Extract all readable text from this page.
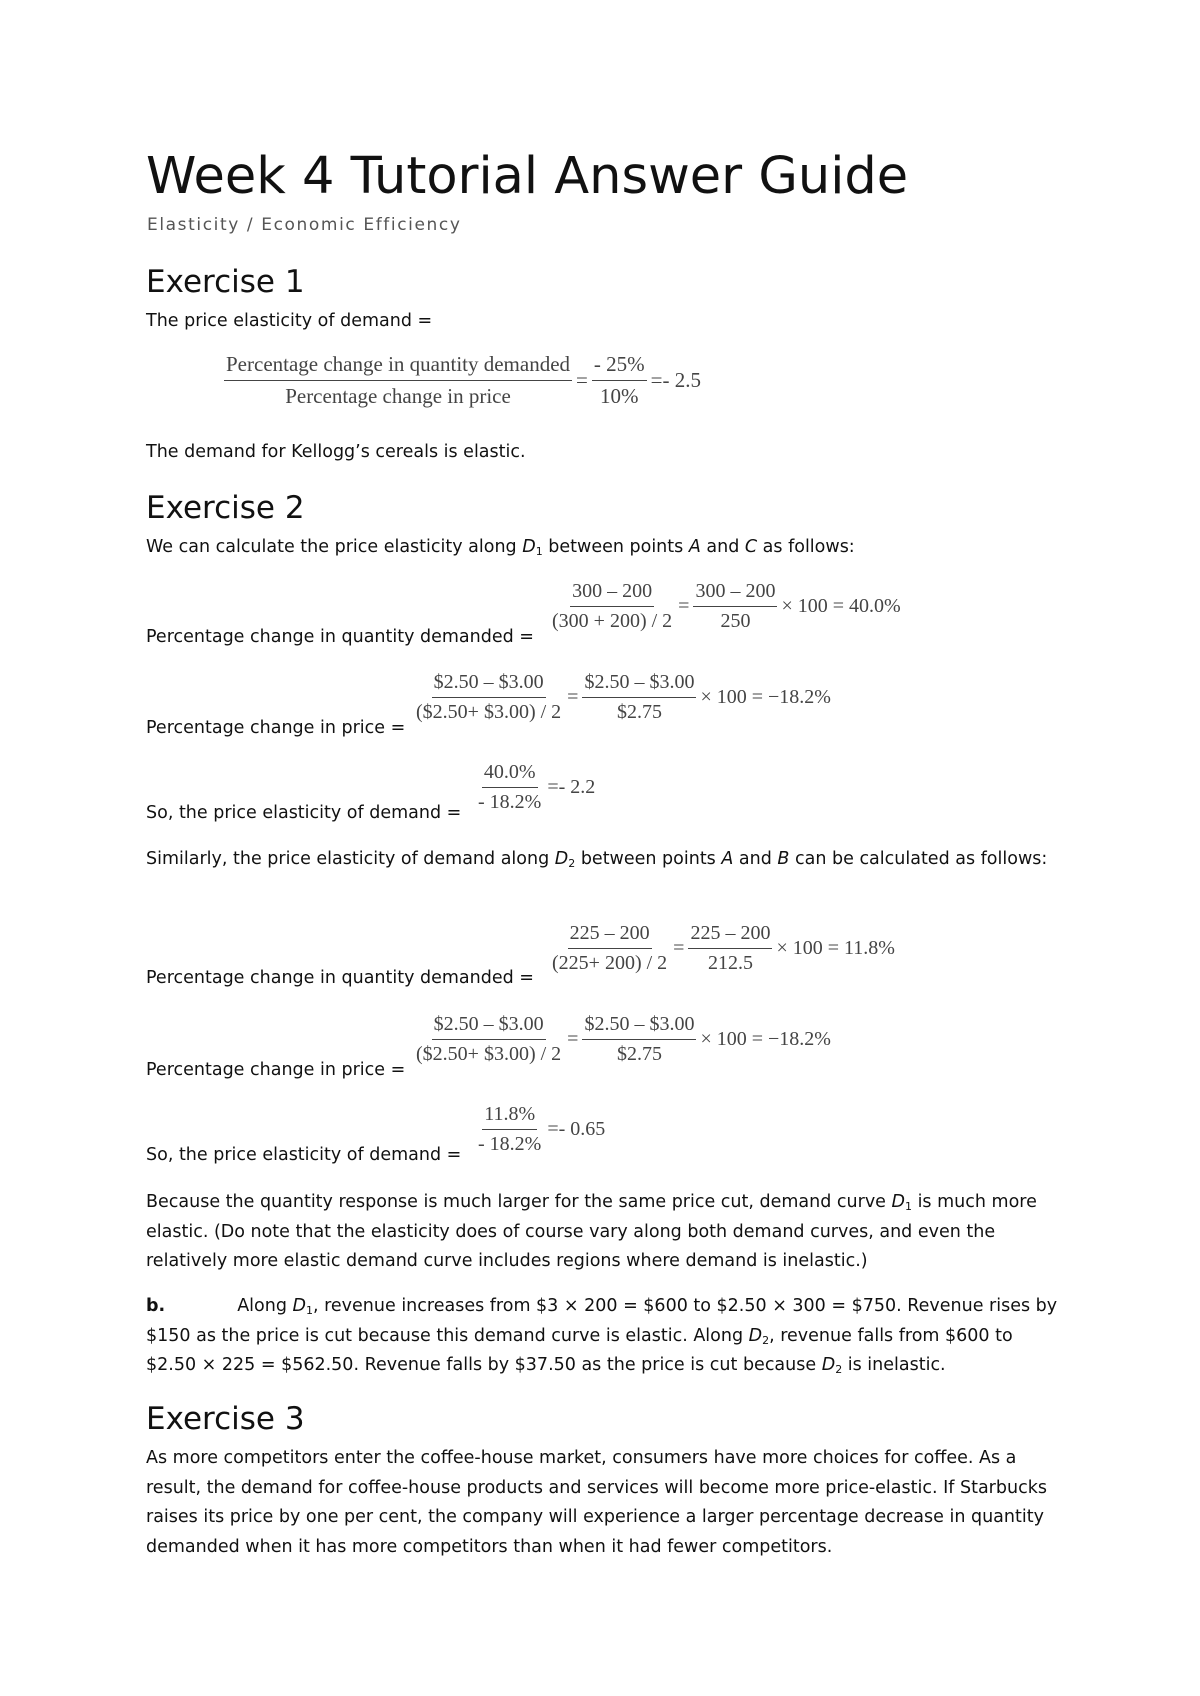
Week 4 Tutorial Answer Guide
Elasticity / Economic Efficiency
Exercise 1
The price elasticity of demand =
$\frac{\text{Percentage change in quantity demanded}}{\text{Percentage change in price}} = \frac{- 25\%}{10\%} =- 2.5$
The demand for Kellogg’s cereals is elastic.
Exercise 2
We can calculate the price elasticity along $D_1$ between points A and C as follows:
Percentage change in quantity demanded =
$\frac{300 - 200}{(300 + 200) / 2} = \frac{300 - 200}{250} \times 100 = 40.0\%$
Percentage change in price =
$\frac{\$2.50 - \$3.00}{(\$2.50+ \$3.00) / 2} = \frac{\$2.50 - \$3.00}{\$2.75} \times 100 = -18.2\%$
So, the price elasticity of demand = $\frac{40.0\%}{- 18.2\%} =- 2.2$
Similarly, the price elasticity of demand along $D_2$ between points A and B can be calculated as follows:
Percentage change in quantity demanded =
$\frac{225 - 200}{(225+ 200) / 2} = \frac{225 - 200}{212.5} \times 100 = 11.8\%$
Percentage change in price =
$\frac{\$2.50 - \$3.00}{(\$2.50+ \$3.00) / 2} = \frac{\$2.50 - \$3.00}{\$2.75} \times 100 = -18.2\%$
So, the price elasticity of demand = $\frac{11.8\%}{- 18.2\%} =- 0.65$
Because the quantity response is much larger for the same price cut, demand curve $D_1$ is much more elastic. (Do note that the elasticity does of course vary along both demand curves, and even the relatively more elastic demand curve includes regions where demand is inelastic.)
b.	Along $D_1$, revenue increases from $3 × 200 = $600 to $2.50 × 300 = $750. Revenue rises by $150 as the price is cut because this demand curve is elastic. Along $D_2$, revenue falls from $600 to $2.50 × 225 = $562.50. Revenue falls by $37.50 as the price is cut because $D_2$ is inelastic.
Exercise 3
As more competitors enter the coffee-house market, consumers have more choices for coffee. As a result, the demand for coffee-house products and services will become more price-elastic. If Starbucks raises its price by one per cent, the company will experience a larger percentage decrease in quantity demanded when it has more competitors than when it had fewer competitors.
